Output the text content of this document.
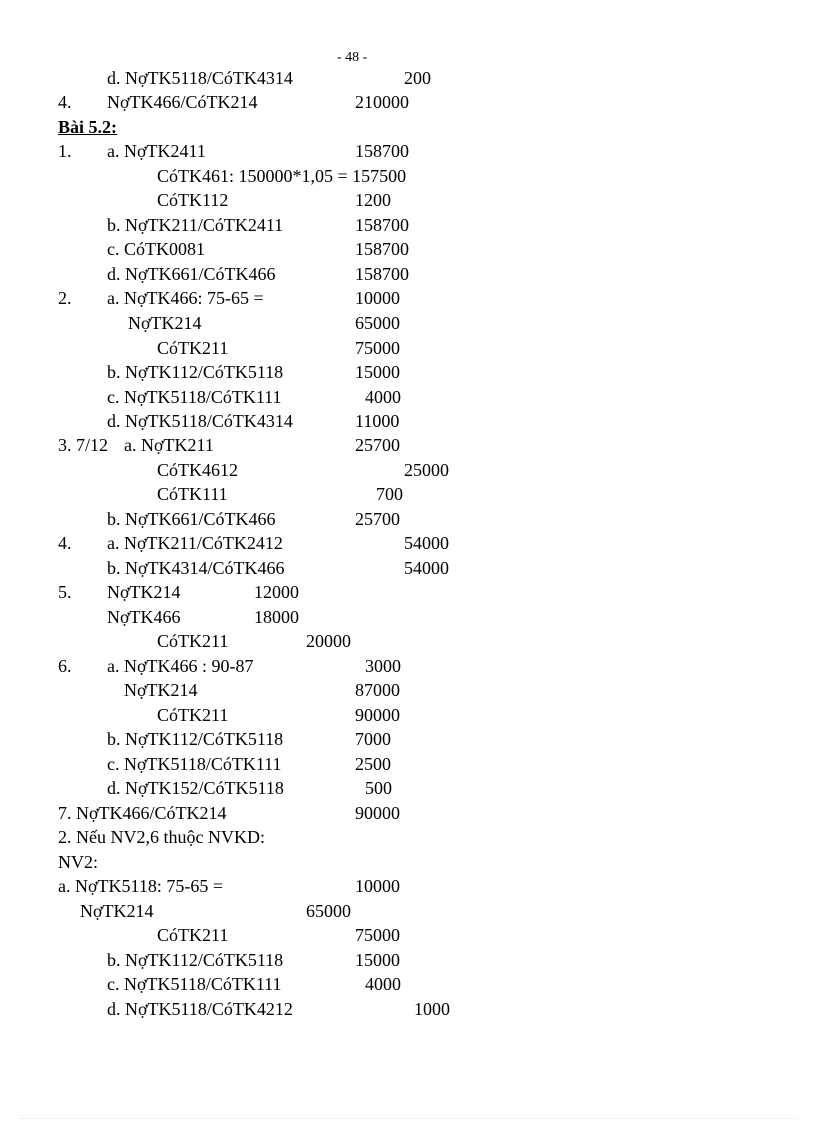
- 48 -
d. NợTK5118/CóTK4314	200
4. NợTK466/CóTK214	210000
Bài 5.2:
1. a. NợTK2411	158700
CóTK461: 150000*1,05 = 157500
CóTK112	1200
b. NợTK211/CóTK2411	158700
c. CóTK0081	158700
d. NợTK661/CóTK466	158700
2. a. NợTK466: 75-65 =	10000
NợTK214	65000
CóTK211	75000
b. NợTK112/CóTK5118	15000
c. NợTK5118/CóTK111	4000
d. NợTK5118/CóTK4314	11000
3. 7/12 a. NợTK211	25700
CóTK4612	25000
CóTK111	700
b. NợTK661/CóTK466	25700
4. a. NợTK211/CóTK2412	54000
b. NợTK4314/CóTK466	54000
5. NợTK214	12000
NợTK466	18000
CóTK211	20000
6. a. NợTK466 : 90-87	3000
NợTK214	87000
CóTK211	90000
b. NợTK112/CóTK5118	7000
c. NợTK5118/CóTK111	2500
d. NợTK152/CóTK5118	500
7. NợTK466/CóTK214	90000
2. Nếu NV2,6 thuộc NVKD:
NV2:
a. NợTK5118: 75-65 =	10000
NợTK214	65000
CóTK211	75000
b. NợTK112/CóTK5118	15000
c. NợTK5118/CóTK111	4000
d. NợTK5118/CóTK4212	1000
